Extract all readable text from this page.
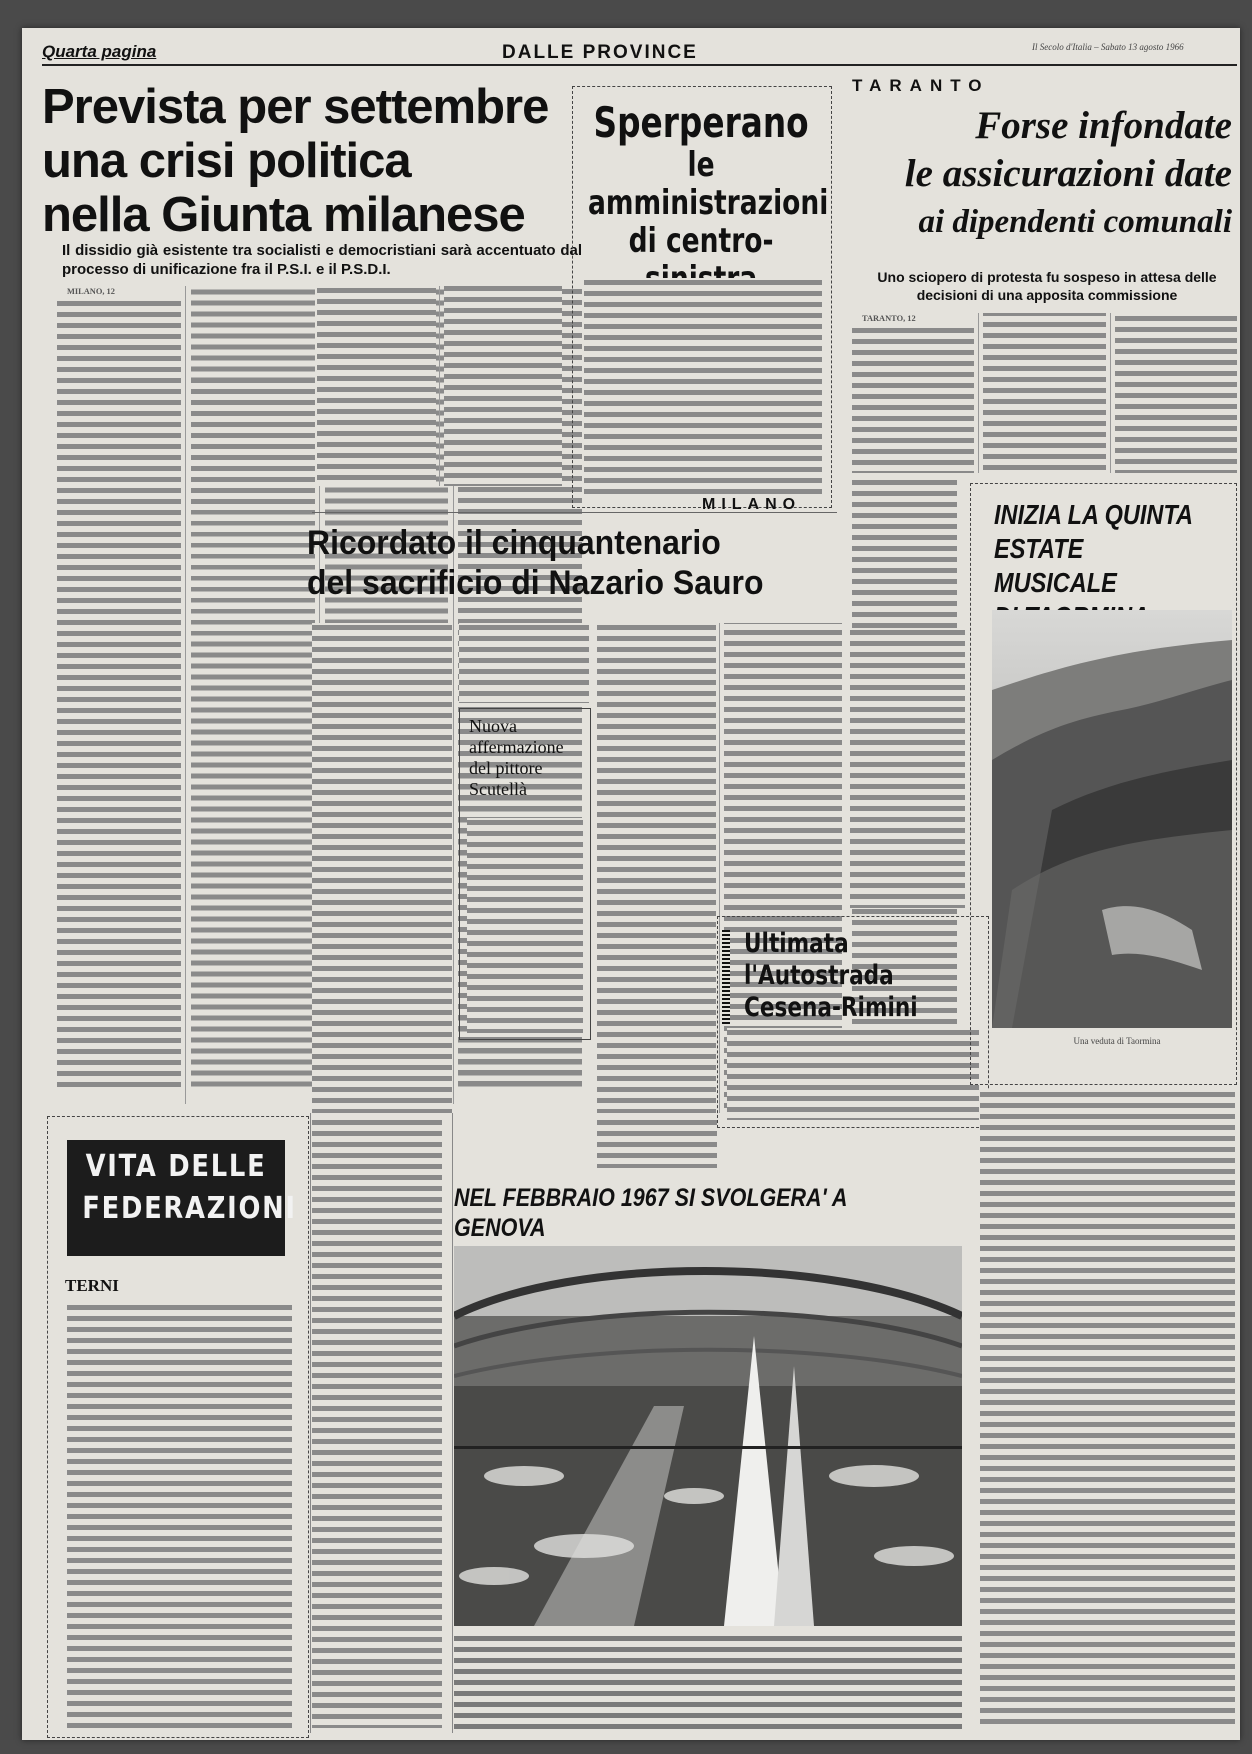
Quarta pagina	DALLE PROVINCE	Il Secolo d'Italia – Sabato 13 agosto 1966
Prevista per settembre
una crisi politica
nella Giunta milanese
Il dissidio già esistente tra socialisti e democristiani sarà accentuato dal processo di unificazione fra il P.S.I. e il P.S.D.I.

MILANO, 12

Sperperano
le amministrazioni
di centro-
TARANTO
Forse infondate
le assicurazioni date
ai dipendenti comunali
Uno sciopero di protesta fu sospeso in attesa delle decisioni di una apposita commissione

TARANTO, 12

MILANO
Ricordato il cinquantenario
del sacrificio di Nazario Sauro
Nuova
affermazione
del pittore
Scutellà
Ultimata l'Autostrada
Cesena-Rimini
INIZIA LA QUINTA
ESTATE MUSICALE
Una veduta di Taormina
VITA DELLE
FEDERAZIONI
TERNI
NEL FEBBRAIO 1967 SI SVOLGERA' A GENOVA
